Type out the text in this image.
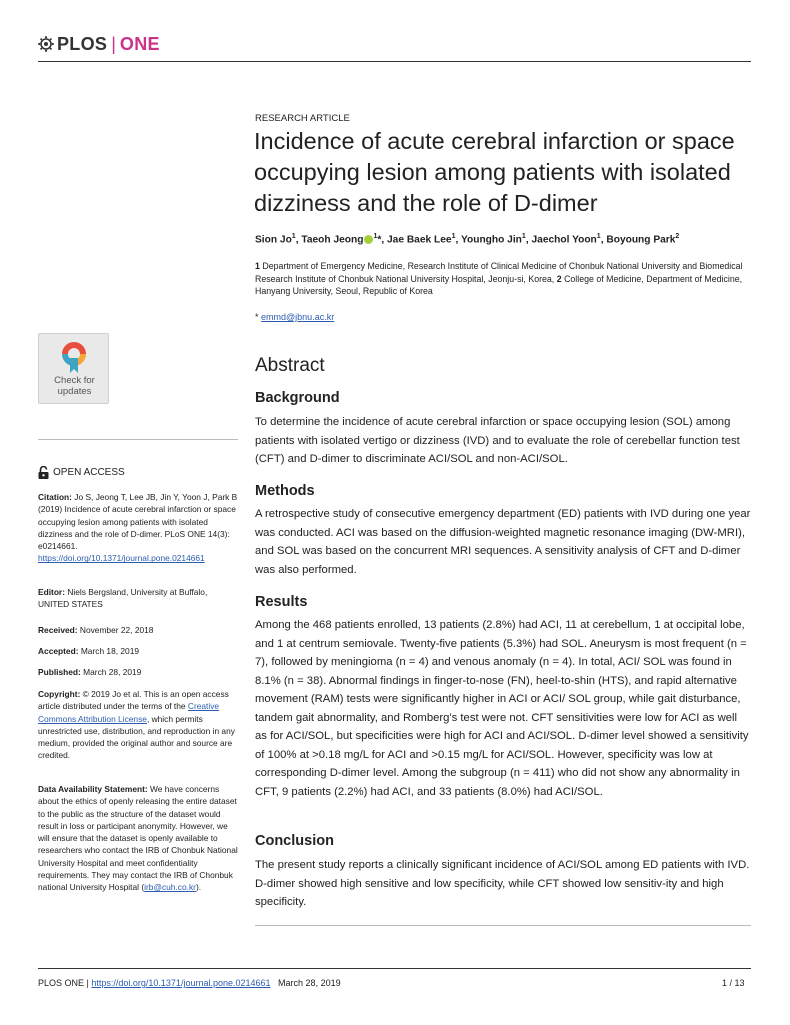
PLOS | ONE
RESEARCH ARTICLE
Incidence of acute cerebral infarction or space occupying lesion among patients with isolated dizziness and the role of D-dimer
Sion Jo$^1$, Taeoh Jeong $^1$*, Jae Baek Lee$^1$, Youngho Jin$^1$, Jaechol Yoon$^1$, Boyoung Park$^2$
1 Department of Emergency Medicine, Research Institute of Clinical Medicine of Chonbuk National University and Biomedical Research Institute of Chonbuk National University Hospital, Jeonju-si, Korea, 2 College of Medicine, Department of Medicine, Hanyang University, Seoul, Republic of Korea
* emmd@jbnu.ac.kr
Abstract
Background

To determine the incidence of acute cerebral infarction or space occupying lesion (SOL) among patients with isolated vertigo or dizziness (IVD) and to evaluate the role of cerebellar function test (CFT) and D-dimer to discriminate ACI/SOL and non-ACI/SOL.

Methods

A retrospective study of consecutive emergency department (ED) patients with IVD during one year was conducted. ACI was based on the diffusion-weighted magnetic resonance imaging (DW-MRI), and SOL was based on the concurrent MRI sequences. A sensitivity analysis of CFT and D-dimer was also performed.

Results

Among the 468 patients enrolled, 13 patients (2.8%) had ACI, 11 at cerebellum, 1 at occipital lobe, and 1 at centrum semiovale. Twenty-five patients (5.3%) had SOL. Aneurysm is most frequent (n = 7), followed by meningioma (n = 4) and venous anomaly (n = 4). In total, ACI/ SOL was found in 8.1% (n = 38). Abnormal findings in finger-to-nose (FN), heel-to-shin (HTS), and rapid alternative movement (RAM) tests were significantly higher in ACI or ACI/ SOL group, while gait disturbance, tandem gait abnormality, and Romberg's test were not. CFT sensitivities were low for ACI as well as for ACI/SOL, but specificities were high for ACI and ACI/SOL. D-dimer level showed a sensitivity of 100% at >0.18 mg/L for ACI and >0.15 mg/L for ACI/SOL. However, specificity was low at corresponding D-dimer level. Among the subgroup (n = 411) who did not show any abnormality in CFT, 9 patients (2.2%) had ACI, and 33 patients (8.0%) had ACI/SOL.

Conclusion

The present study reports a clinically significant incidence of ACI/SOL among ED patients with IVD. D-dimer showed high sensitive and low specificity, while CFT showed low sensitiv-ity and high specificity.

Check for
updates
OPEN ACCESS
Citation: Jo S, Jeong T, Lee JB, Jin Y, Yoon J, Park B (2019) Incidence of acute cerebral infarction or space occupying lesion among patients with isolated dizziness and the role of D-dimer. PLoS ONE 14(3): e0214661. https://doi.org/10.1371/journal.pone.0214661
Editor: Niels Bergsland, University at Buffalo, UNITED STATES
Received: November 22, 2018
Accepted: March 18, 2019
Published: March 28, 2019
Copyright: © 2019 Jo et al. This is an open access article distributed under the terms of the Creative Commons Attribution License, which permits unrestricted use, distribution, and reproduction in any medium, provided the original author and source are credited.
Data Availability Statement: We have concerns about the ethics of openly releasing the entire dataset to the public as the structure of the dataset would result in loss or participant anonymity. However, we will ensure that the dataset is openly available to researchers who contact the IRB of Chonbuk National University Hospital and meet confidentiality requirements. They may contact the IRB of Chonbuk national University Hospital (irb@cuh.co.kr).
PLOS ONE | https://doi.org/10.1371/journal.pone.0214661 March 28, 2019	1 / 13
